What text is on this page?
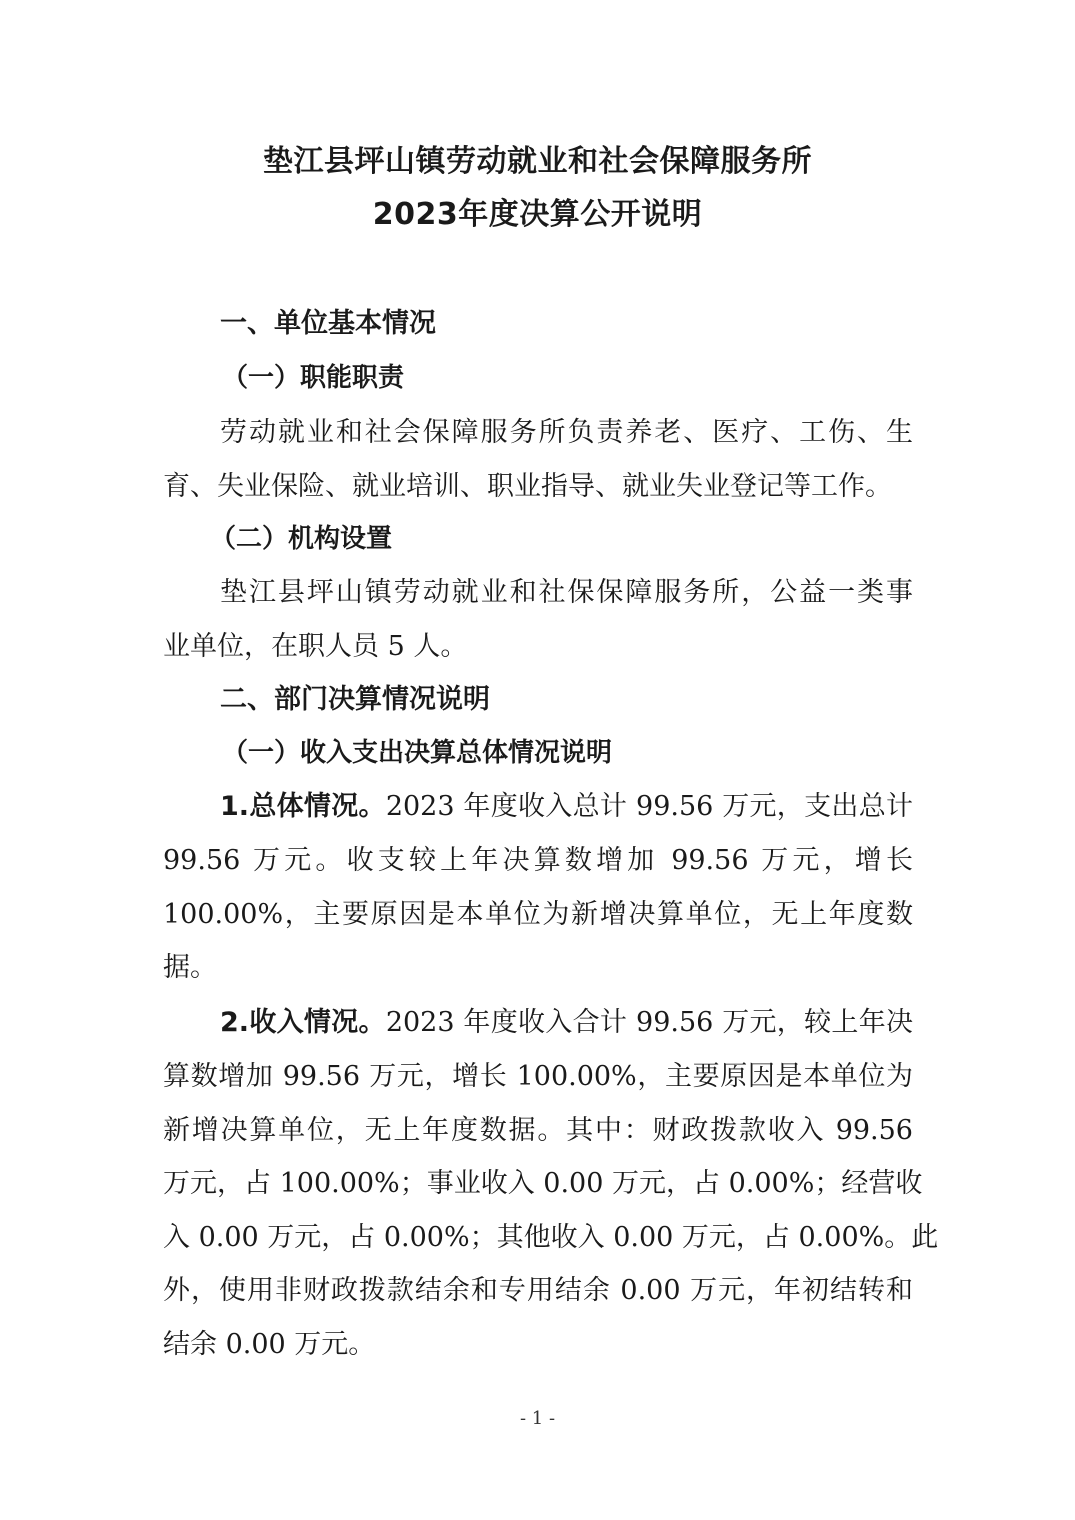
垫江县坪山镇劳动就业和社会保障服务所
2023年度决算公开说明
一、单位基本情况
（一）职能职责
劳动就业和社会保障服务所负责养老、医疗、工伤、生
育、失业保险、就业培训、职业指导、就业失业登记等工作。
（二）机构设置
垫江县坪山镇劳动就业和社保保障服务所，公益一类事
业单位，在职人员 5 人。
二、部门决算情况说明
（一）收入支出决算总体情况说明
1.总体情况。2023 年度收入总计 99.56 万元，支出总计
99.56 万元。收支较上年决算数增加 99.56 万元，增长
100.00%，主要原因是本单位为新增决算单位，无上年度数
据。
2.收入情况。2023 年度收入合计 99.56 万元，较上年决
算数增加 99.56 万元，增长 100.00%，主要原因是本单位为
新增决算单位，无上年度数据。其中：财政拨款收入 99.56
万元，占 100.00%；事业收入 0.00 万元，占 0.00%；经营收
入 0.00 万元，占 0.00%；其他收入 0.00 万元，占 0.00%。此
外，使用非财政拨款结余和专用结余 0.00 万元，年初结转和
结余 0.00 万元。
- 1 -
